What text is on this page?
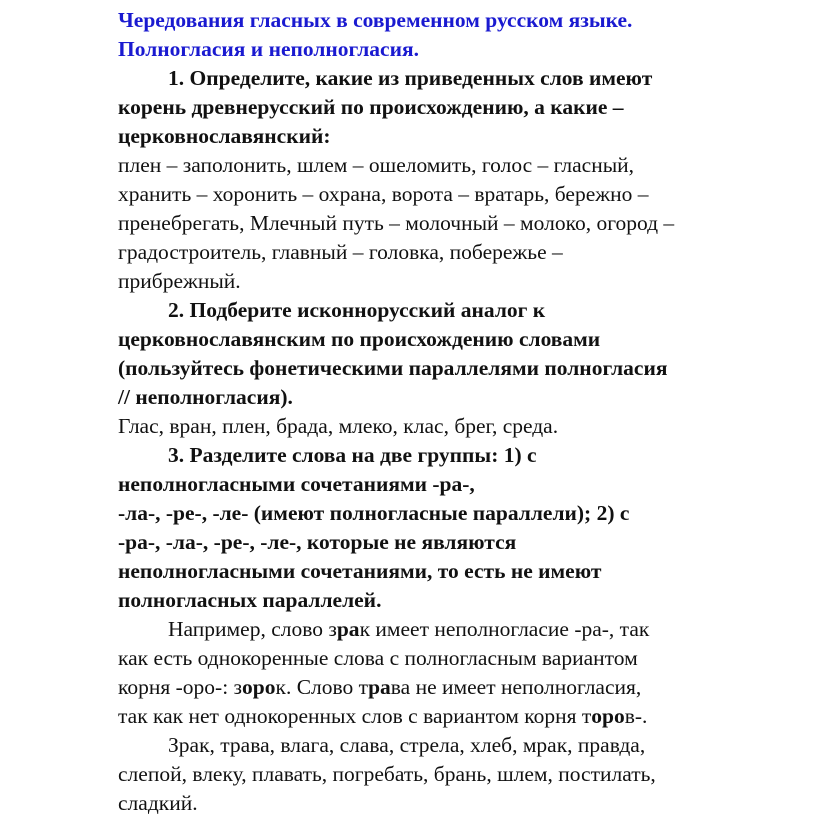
Чередования гласных в современном русском языке.
Полногласия и неполногласия.

1. Определите, какие из приведенных слов имеют
корень древнерусский по происхождению, а какие –
церковнославянский:

плен – заполонить, шлем – ошеломить, голос – гласный,
хранить – хоронить – охрана, ворота – вратарь, бережно –
пренебрегать, Млечный путь – молочный – молоко, огород –
градостроитель, главный – головка, побережье –
прибрежный.

2. Подберите исконнорусский аналог к
церковнославянским по происхождению словами
(пользуйтесь фонетическими параллелями полногласия
// неполногласия).

Глас, вран, плен, брада, млеко, клас, брег, среда.

3. Разделите слова на две группы: 1) с
неполногласными сочетаниями -ра-,
-ла-, -ре-, -ле- (имеют полногласные параллели); 2) с
-ра-, -ла-, -ре-, -ле-, которые не являются
неполногласными сочетаниями, то есть не имеют
полногласных параллелей.

Например, слово зрак имеет неполногласие -ра-, так
как есть однокоренные слова с полногласным вариантом
корня -оро-: зорок. Слово трава не имеет неполногласия,
так как нет однокоренных слов с вариантом корня торов-.

Зрак, трава, влага, слава, стрела, хлеб, мрак, правда,
слепой, влеку, плавать, погребать, брань, шлем, постилать,
сладкий.
